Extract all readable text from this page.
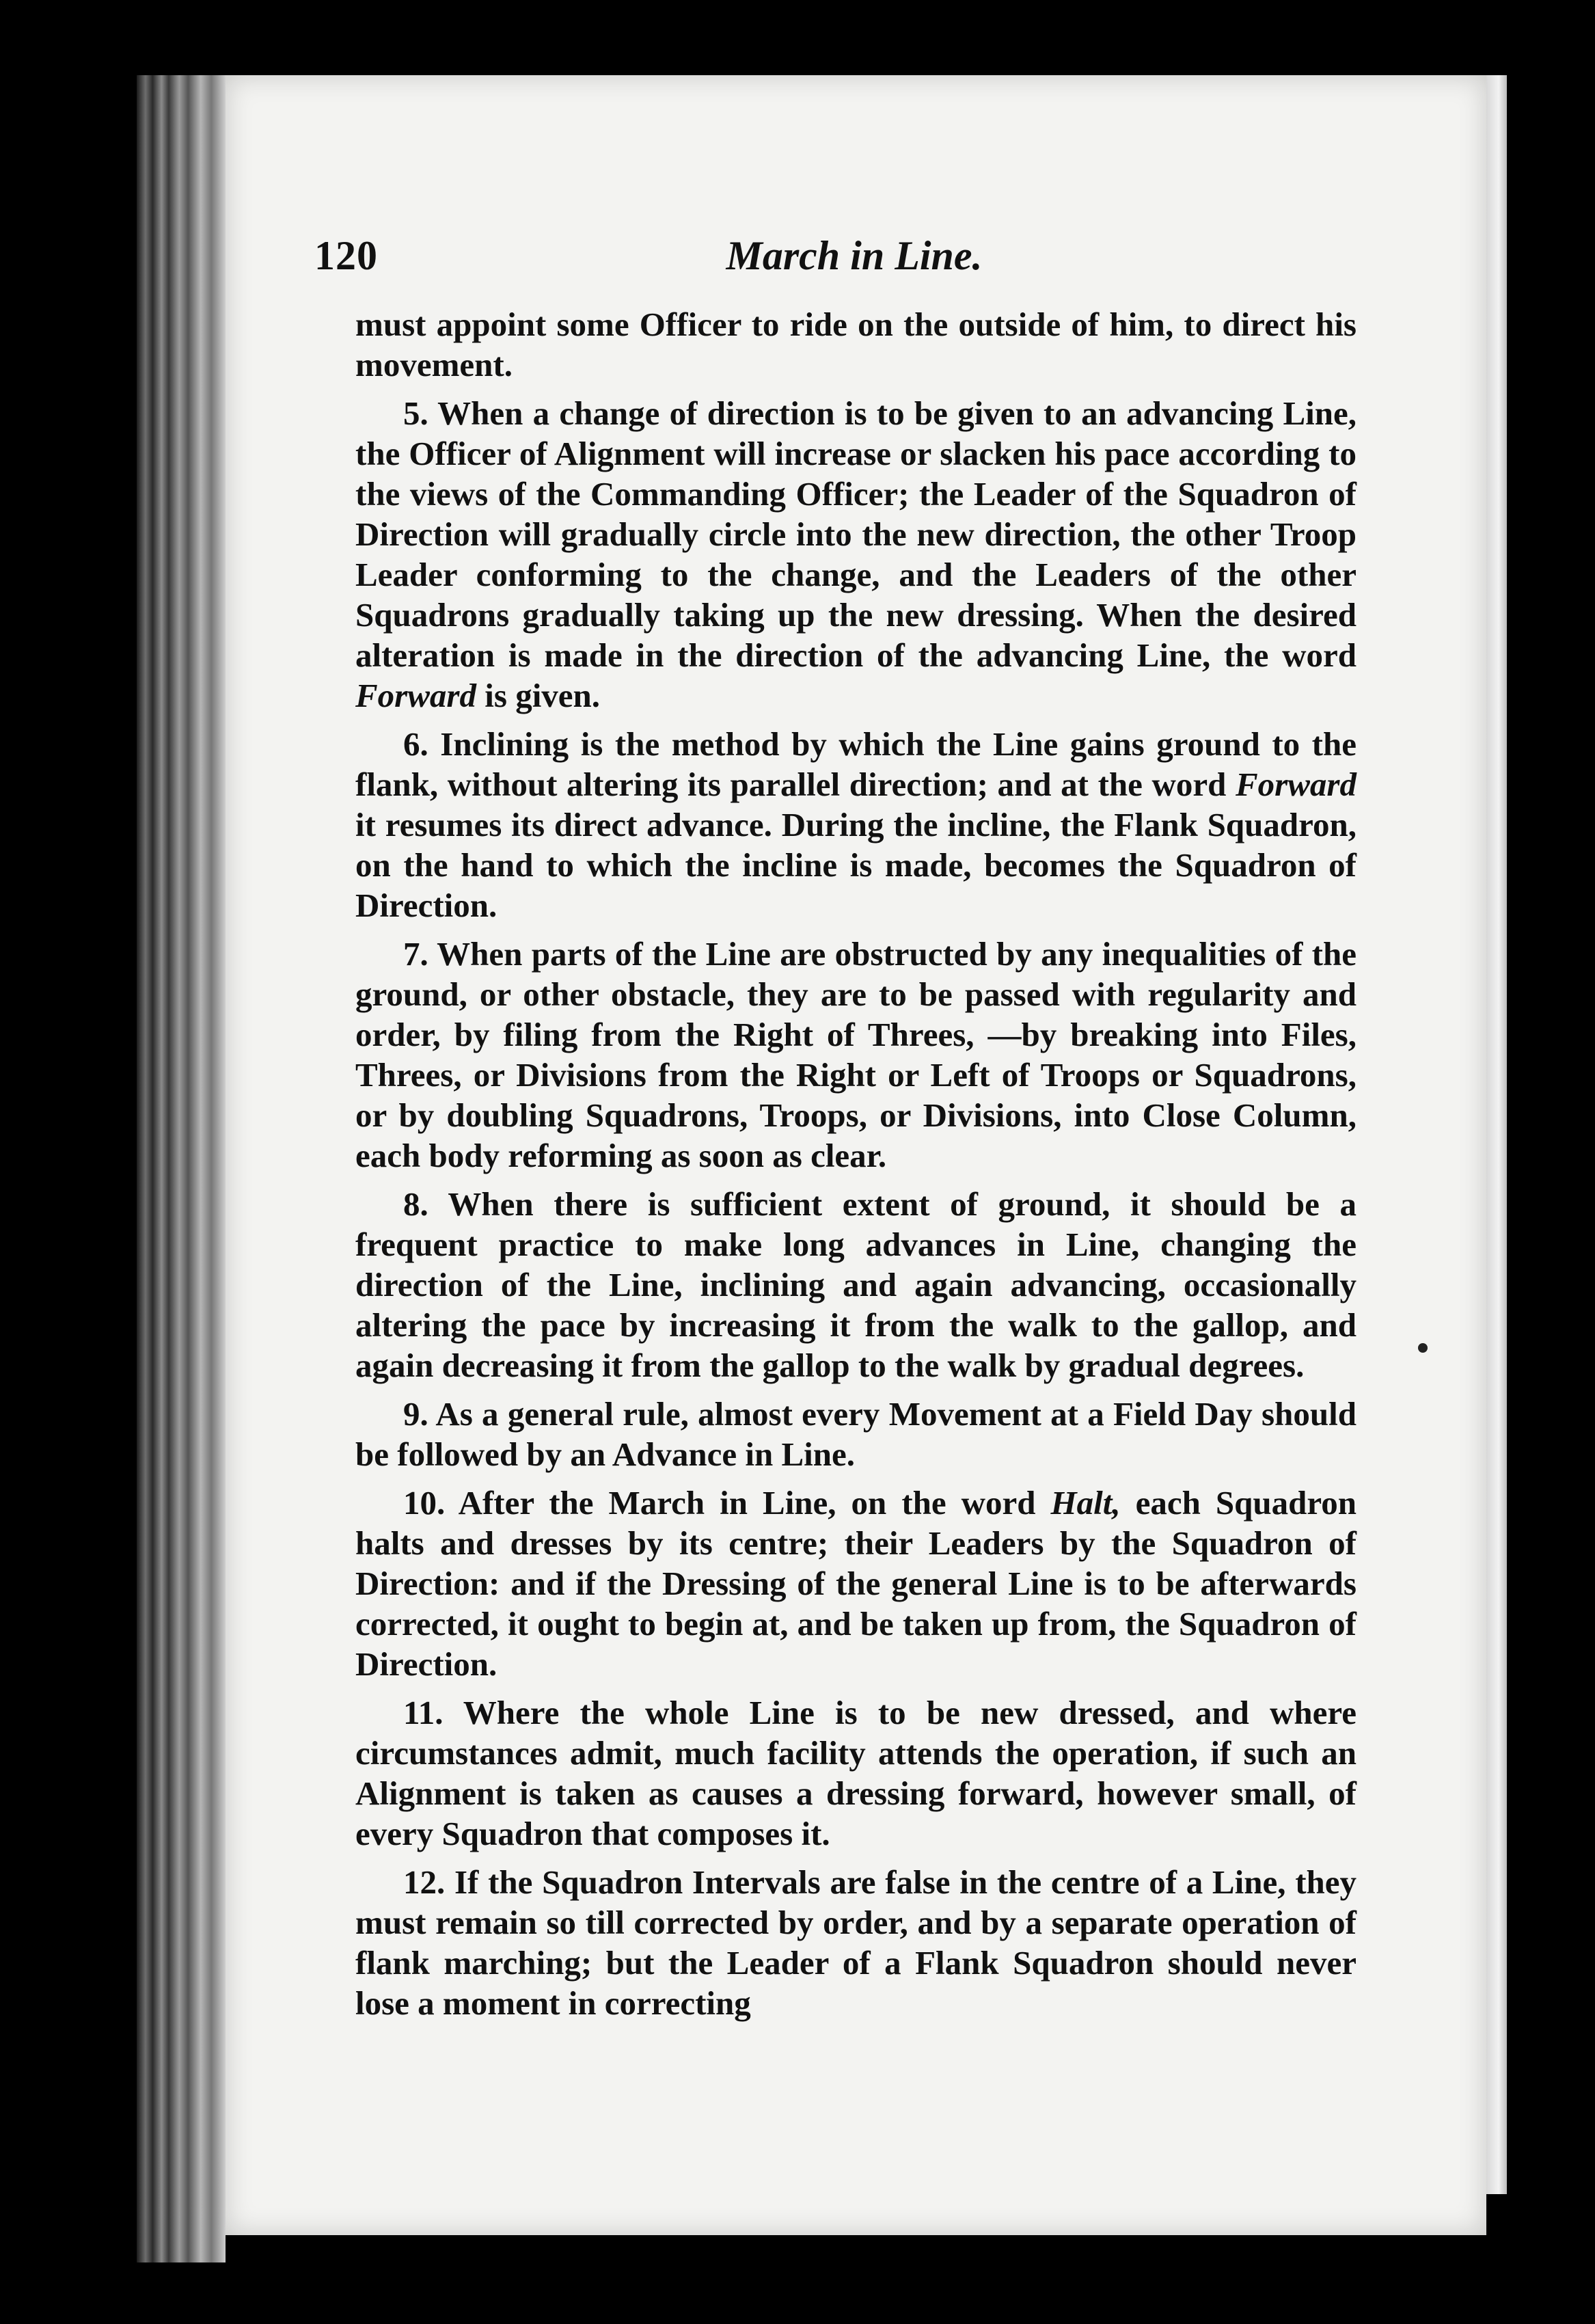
120	March in Line.

must appoint some Officer to ride on the outside of him, to direct his movement.

5. When a change of direction is to be given to an advancing Line, the Officer of Alignment will increase or slacken his pace according to the views of the Commanding Officer; the Leader of the Squadron of Direction will gradually circle into the new direction, the other Troop Leader conforming to the change, and the Leaders of the other Squadrons gradually taking up the new dressing. When the desired alteration is made in the direction of the advancing Line, the word Forward is given.

6. Inclining is the method by which the Line gains ground to the flank, without altering its parallel direction; and at the word Forward it resumes its direct advance. During the incline, the Flank Squadron, on the hand to which the incline is made, becomes the Squadron of Direction.

7. When parts of the Line are obstructed by any inequalities of the ground, or other obstacle, they are to be passed with regularity and order, by filing from the Right of Threes, —by breaking into Files, Threes, or Divisions from the Right or Left of Troops or Squadrons, or by doubling Squadrons, Troops, or Divisions, into Close Column, each body reforming as soon as clear.

8. When there is sufficient extent of ground, it should be a frequent practice to make long advances in Line, changing the direction of the Line, inclining and again advancing, occasionally altering the pace by increasing it from the walk to the gallop, and again decreasing it from the gallop to the walk by gradual degrees.

9. As a general rule, almost every Movement at a Field Day should be followed by an Advance in Line.

10. After the March in Line, on the word Halt, each Squadron halts and dresses by its centre; their Leaders by the Squadron of Direction: and if the Dressing of the general Line is to be afterwards corrected, it ought to begin at, and be taken up from, the Squadron of Direction.

11. Where the whole Line is to be new dressed, and where circumstances admit, much facility attends the operation, if such an Alignment is taken as causes a dressing forward, however small, of every Squadron that composes it.

12. If the Squadron Intervals are false in the centre of a Line, they must remain so till corrected by order, and by a separate operation of flank marching; but the Leader of a Flank Squadron should never lose a moment in correcting
